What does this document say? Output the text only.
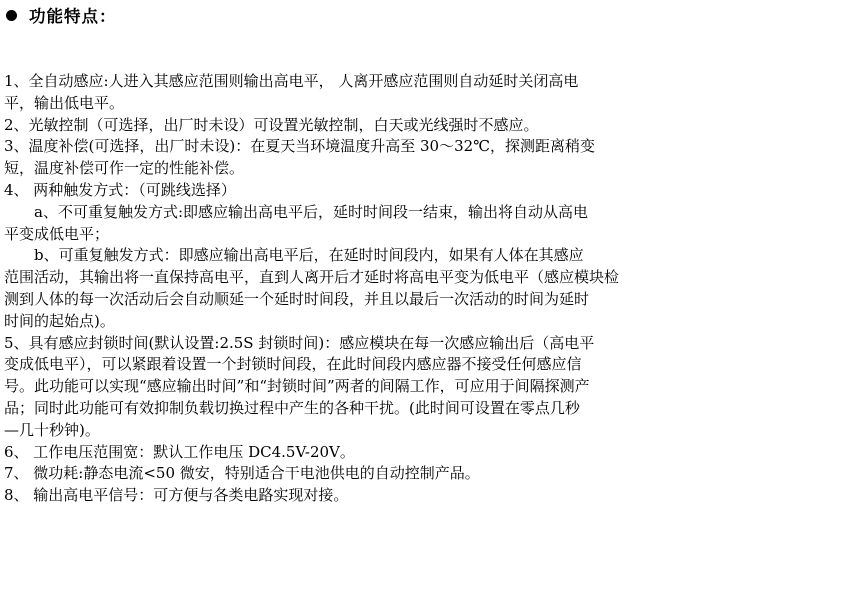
功能特点：
1、全自动感应:人进入其感应范围则输出高电平， 人离开感应范围则自动延时关闭高电
平，输出低电平。
2、光敏控制（可选择，出厂时未设）可设置光敏控制，白天或光线强时不感应。
3、温度补偿(可选择，出厂时未设)：在夏天当环境温度升高至 30～32℃，探测距离稍变
短，温度补偿可作一定的性能补偿。
4、 两种触发方式：（可跳线选择）
a、不可重复触发方式:即感应输出高电平后，延时时间段一结束，输出将自动从高电
平变成低电平；
b、可重复触发方式：即感应输出高电平后，在延时时间段内，如果有人体在其感应
范围活动，其输出将一直保持高电平，直到人离开后才延时将高电平变为低电平（感应模块检
测到人体的每一次活动后会自动顺延一个延时时间段，并且以最后一次活动的时间为延时
时间的起始点)。
5、具有感应封锁时间(默认设置:2.5S 封锁时间)：感应模块在每一次感应输出后（高电平
变成低电平），可以紧跟着设置一个封锁时间段，在此时间段内感应器不接受任何感应信
号。此功能可以实现“感应输出时间”和“封锁时间”两者的间隔工作，可应用于间隔探测产
品；同时此功能可有效抑制负载切换过程中产生的各种干扰。(此时间可设置在零点几秒
—几十秒钟)。
6、 工作电压范围宽：默认工作电压 DC4.5V-20V。
7、 微功耗:静态电流<50 微安，特别适合干电池供电的自动控制产品。
8、 输出高电平信号：可方便与各类电路实现对接。
